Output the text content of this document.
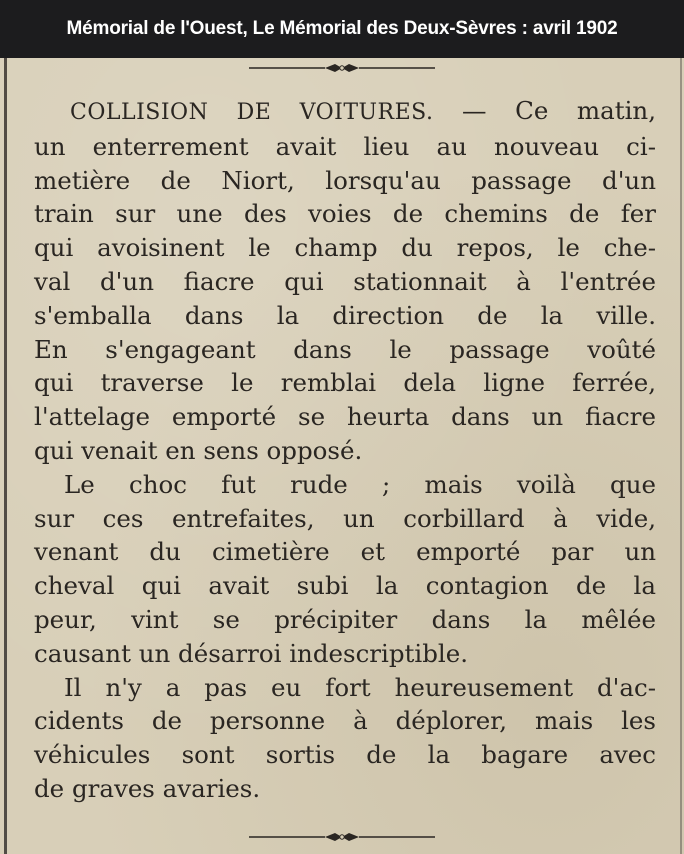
Mémorial de l'Ouest, Le Mémorial des Deux-Sèvres : avril 1902
COLLISION DE VOITURES. — Ce matin,
un enterrement avait lieu au nouveau ci-
metière de Niort, lorsqu'au passage d'un
train sur une des voies de chemins de fer
qui avoisinent le champ du repos, le che-
val d'un fiacre qui stationnait à l'entrée
s'emballa dans la direction de la ville.
En s'engageant dans le passage voûté
qui traverse le remblai dela ligne ferrée,
l'attelage emporté se heurta dans un fiacre
qui venait en sens opposé.
Le choc fut rude ; mais voilà que
sur ces entrefaites, un corbillard à vide,
venant du cimetière et emporté par un
cheval qui avait subi la contagion de la
peur, vint se précipiter dans la mêlée
causant un désarroi indescriptible.
Il n'y a pas eu fort heureusement d'ac-
cidents de personne à déplorer, mais les
véhicules sont sortis de la bagare avec
de graves avaries.
